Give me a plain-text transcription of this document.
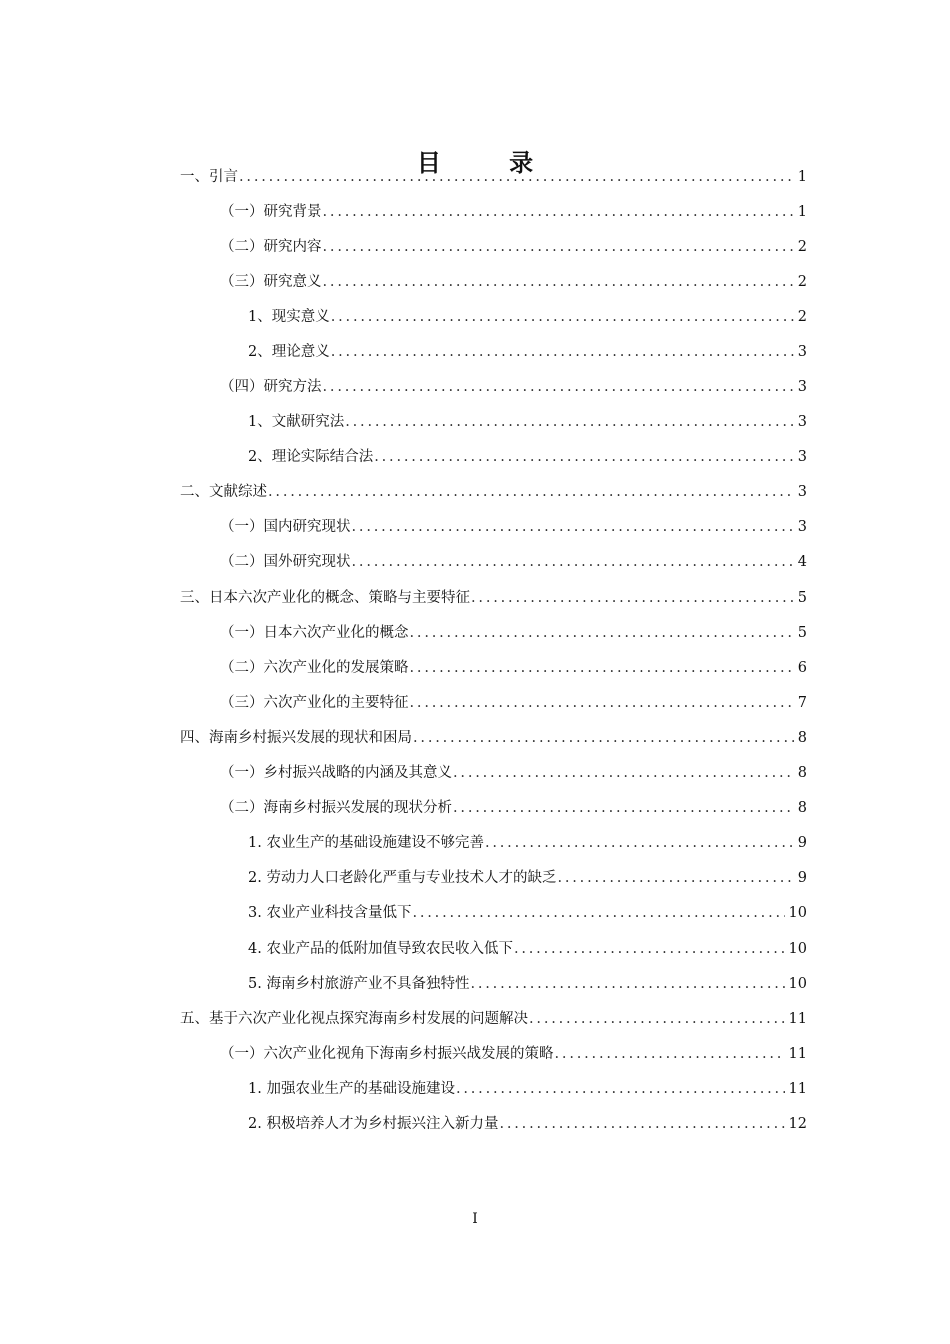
目 录
一、引言 .....	1
（一）研究背景 .....	1
（二）研究内容 .....	2
（三）研究意义 .....	2
1、现实意义 .....	2
2、理论意义 .....	3
（四）研究方法 .....	3
1、文献研究法 .....	3
2、理论实际结合法 .....	3
二、文献综述 .....	3
（一）国内研究现状 .....	3
（二）国外研究现状 .....	4
三、日本六次产业化的概念、策略与主要特征 .....	5
（一）日本六次产业化的概念 .....	5
（二）六次产业化的发展策略 .....	6
（三）六次产业化的主要特征 .....	7
四、海南乡村振兴发展的现状和困局 .....	8
（一）乡村振兴战略的内涵及其意义 .....	8
（二）海南乡村振兴发展的现状分析 .....	8
1. 农业生产的基础设施建设不够完善 .....	9
2. 劳动力人口老龄化严重与专业技术人才的缺乏 .....	9
3. 农业产业科技含量低下 .....	10
4. 农业产品的低附加值导致农民收入低下 .....	10
5. 海南乡村旅游产业不具备独特性 .....	10
五、基于六次产业化视点探究海南乡村发展的问题解决 .....	11
（一）六次产业化视角下海南乡村振兴战发展的策略 .....	11
1. 加强农业生产的基础设施建设 .....	11
2. 积极培养人才为乡村振兴注入新力量 .....	12
I
